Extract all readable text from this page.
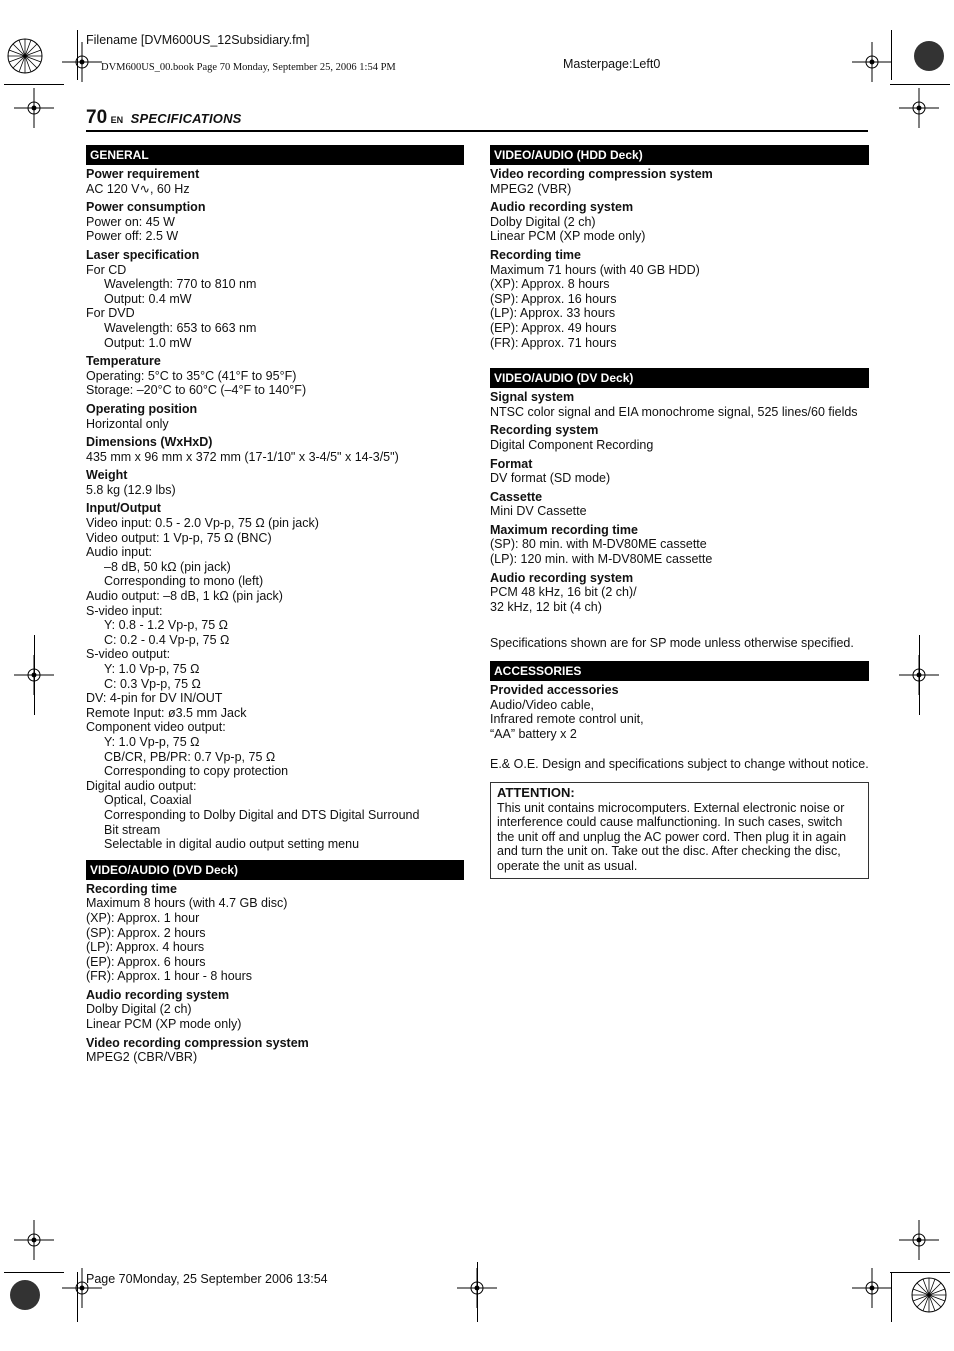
Filename [DVM600US_12Subsidiary.fm]
DVM600US_00.book Page 70 Monday, September 25, 2006 1:54 PM	Masterpage:Left0
70 EN SPECIFICATIONS
GENERAL
Power requirement
AC 120 V∿, 60 Hz
Power consumption
Power on: 45 W
Power off: 2.5 W
Laser specification
For CD
Wavelength: 770 to 810 nm
Output: 0.4 mW
For DVD
Wavelength: 653 to 663 nm
Output: 1.0 mW
Temperature
Operating: 5°C to 35°C (41°F to 95°F)
Storage: –20°C to 60°C (–4°F to 140°F)
Operating position
Horizontal only
Dimensions (WxHxD)
435 mm x 96 mm x 372 mm (17-1/10" x 3-4/5" x 14-3/5")
Weight
5.8 kg (12.9 lbs)
Input/Output
Video input: 0.5 - 2.0 Vp-p, 75 Ω (pin jack)
Video output: 1 Vp-p, 75 Ω (BNC)
Audio input:
–8 dB, 50 kΩ (pin jack)
Corresponding to mono (left)
Audio output: –8 dB, 1 kΩ (pin jack)
S-video input:
Y: 0.8 - 1.2 Vp-p, 75 Ω
C: 0.2 - 0.4 Vp-p, 75 Ω
S-video output:
Y: 1.0 Vp-p, 75 Ω
C: 0.3 Vp-p, 75 Ω
DV: 4-pin for DV IN/OUT
Remote Input: ø3.5 mm Jack
Component video output:
Y: 1.0 Vp-p, 75 Ω
CB/CR, PB/PR: 0.7 Vp-p, 75 Ω
Corresponding to copy protection
Digital audio output:
Optical, Coaxial
Corresponding to Dolby Digital and DTS Digital Surround
Bit stream
Selectable in digital audio output setting menu
VIDEO/AUDIO (DVD Deck)
Recording time
Maximum 8 hours (with 4.7 GB disc)
(XP): Approx. 1 hour
(SP): Approx. 2 hours
(LP): Approx. 4 hours
(EP): Approx. 6 hours
(FR): Approx. 1 hour - 8 hours
Audio recording system
Dolby Digital (2 ch)
Linear PCM (XP mode only)
Video recording compression system
MPEG2 (CBR/VBR)
VIDEO/AUDIO (HDD Deck)
Video recording compression system
MPEG2 (VBR)
Audio recording system
Dolby Digital (2 ch)
Linear PCM (XP mode only)
Recording time
Maximum 71 hours (with 40 GB HDD)
(XP): Approx. 8 hours
(SP): Approx. 16 hours
(LP): Approx. 33 hours
(EP): Approx. 49 hours
(FR): Approx. 71 hours
VIDEO/AUDIO (DV Deck)
Signal system
NTSC color signal and EIA monochrome signal, 525 lines/60 fields
Recording system
Digital Component Recording
Format
DV format (SD mode)
Cassette
Mini DV Cassette
Maximum recording time
(SP): 80 min. with M-DV80ME cassette
(LP): 120 min. with M-DV80ME cassette
Audio recording system
PCM 48 kHz, 16 bit (2 ch)/
32 kHz, 12 bit (4 ch)
Specifications shown are for SP mode unless otherwise specified.
ACCESSORIES
Provided accessories
Audio/Video cable,
Infrared remote control unit,
“AA” battery x 2
E.& O.E. Design and specifications subject to change without notice.
ATTENTION:
This unit contains microcomputers. External electronic noise or interference could cause malfunctioning. In such cases, switch the unit off and unplug the AC power cord. Then plug it in again and turn the unit on. Take out the disc. After checking the disc, operate the unit as usual.
Page 70Monday, 25 September 2006 13:54
